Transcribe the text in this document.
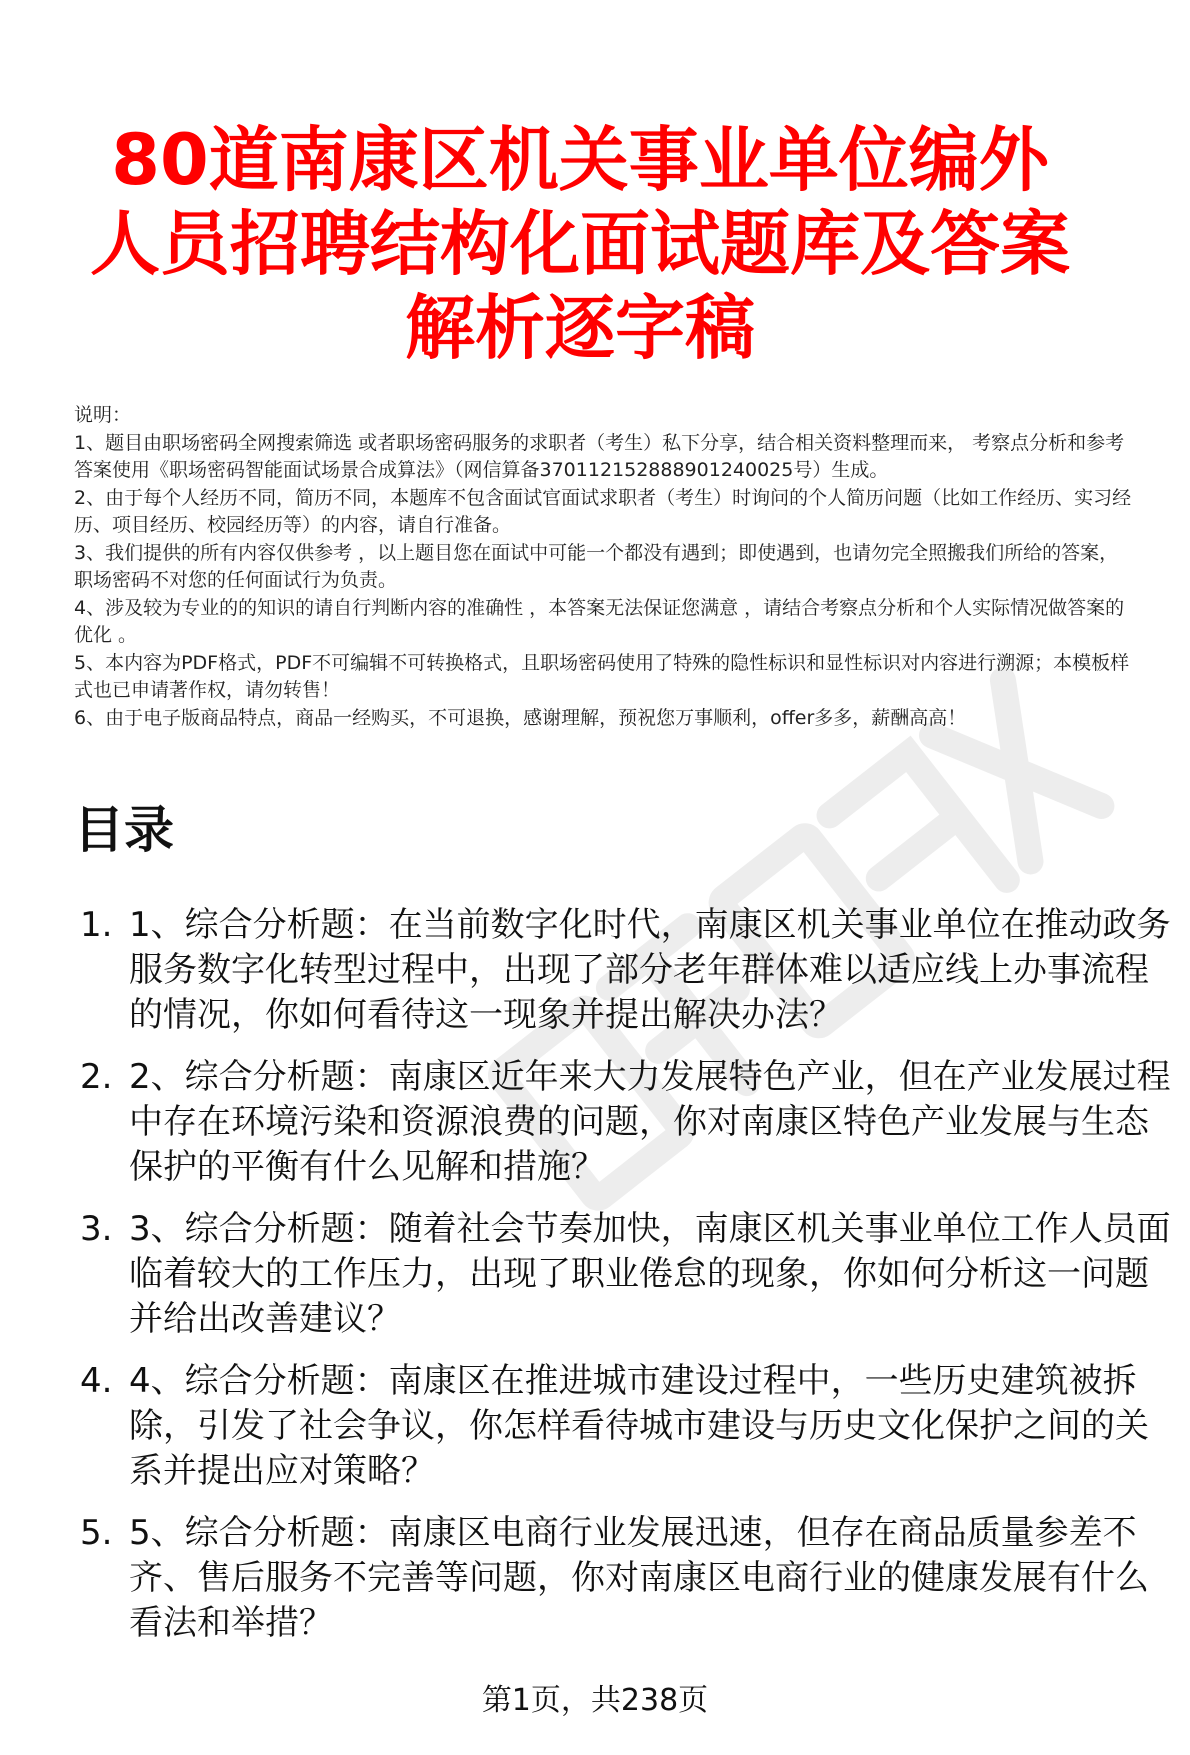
80道南康区机关事业单位编外人员招聘结构化面试题库及答案解析逐字稿

说明：

1、题目由职场密码全网搜索筛选 或者职场密码服务的求职者（考生）私下分享，结合相关资料整理而来， 考察点分析和参考答案使用《职场密码智能面试场景合成算法》（网信算备370112152888901240025号）生成。

2、由于每个人经历不同，简历不同，本题库不包含面试官面试求职者（考生）时询问的个人简历问题（比如工作经历、实习经历、项目经历、校园经历等）的内容，请自行准备。

3、我们提供的所有内容仅供参考 ，以上题目您在面试中可能一个都没有遇到；即使遇到，也请勿完全照搬我们所给的答案，职场密码不对您的任何面试行为负责。

4、涉及较为专业的的知识的请自行判断内容的准确性 ，本答案无法保证您满意 ，请结合考察点分析和个人实际情况做答案的优化 。

5、本内容为PDF格式，PDF不可编辑不可转换格式，且职场密码使用了特殊的隐性标识和显性标识对内容进行溯源；本模板样式也已申请著作权，请勿转售！

6、由于电子版商品特点，商品一经购买，不可退换，感谢理解，预祝您万事顺利，offer多多，薪酬高高！

目录
1. 1、综合分析题：在当前数字化时代，南康区机关事业单位在推动政务服务数字化转型过程中，出现了部分老年群体难以适应线上办事流程的情况，你如何看待这一现象并提出解决办法？
2. 2、综合分析题：南康区近年来大力发展特色产业，但在产业发展过程中存在环境污染和资源浪费的问题，你对南康区特色产业发展与生态保护的平衡有什么见解和措施？
3. 3、综合分析题：随着社会节奏加快，南康区机关事业单位工作人员面临着较大的工作压力，出现了职业倦怠的现象，你如何分析这一问题并给出改善建议？
4. 4、综合分析题：南康区在推进城市建设过程中，一些历史建筑被拆除，引发了社会争议，你怎样看待城市建设与历史文化保护之间的关系并提出应对策略？
5. 5、综合分析题：南康区电商行业发展迅速，但存在商品质量参差不齐、售后服务不完善等问题，你对南康区电商行业的健康发展有什么看法和举措？
第1页，共238页
